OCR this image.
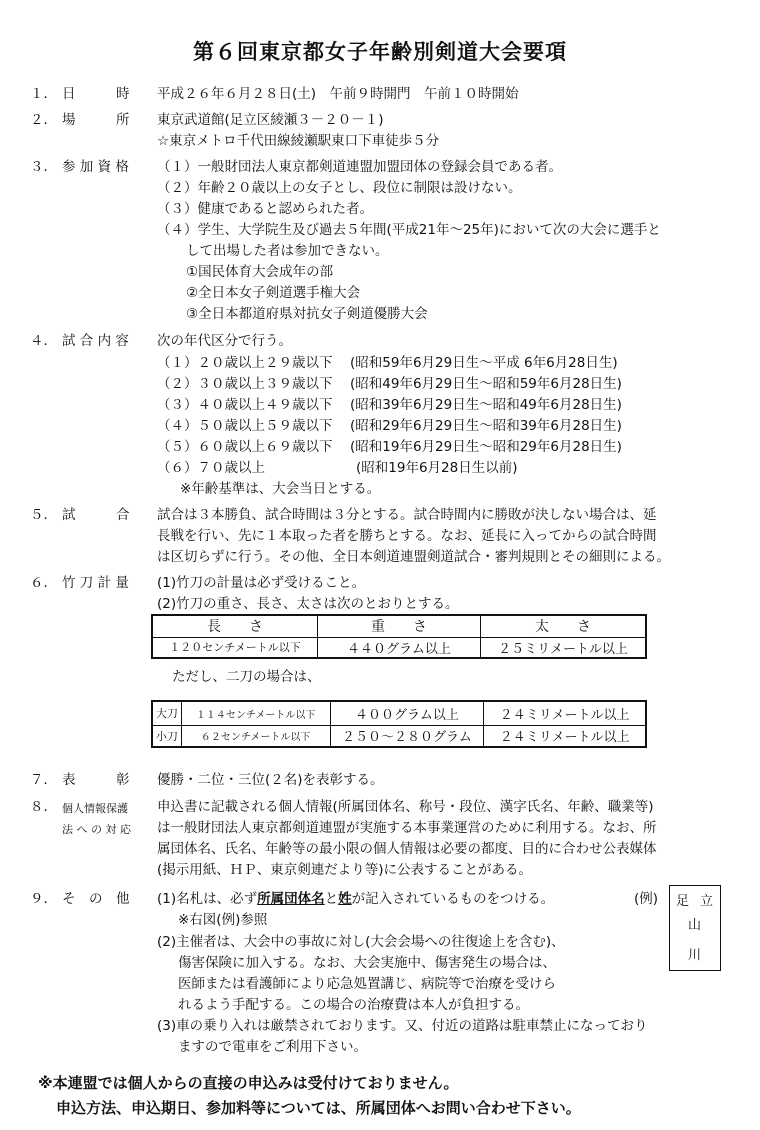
第６回東京都女子年齢別剣道大会要項
１． 日　　　時 平成２６年６月２８日(土)　午前９時開門　午前１０時開始
２． 場　　　所 東京武道館(足立区綾瀬３－２０－１)
☆東京メトロ千代田線綾瀬駅東口下車徒歩５分
３． 参 加 資 格 （１）一般財団法人東京都剣道連盟加盟団体の登録会員である者。
（２）年齢２０歳以上の女子とし、段位に制限は設けない。
（３）健康であると認められた者。
（４）学生、大学院生及び過去５年間(平成21年～25年)において次の大会に選手と
して出場した者は参加できない。
①国民体育大会成年の部
②全日本女子剣道選手権大会
③全日本都道府県対抗女子剣道優勝大会
４． 試 合 内 容 次の年代区分で行う。
（１）２０歳以上２９歳以下 (昭和59年6月29日生～平成 6年6月28日生)
（２）３０歳以上３９歳以下 (昭和49年6月29日生～昭和59年6月28日生)
（３）４０歳以上４９歳以下 (昭和39年6月29日生～昭和49年6月28日生)
（４）５０歳以上５９歳以下 (昭和29年6月29日生～昭和39年6月28日生)
（５）６０歳以上６９歳以下 (昭和19年6月29日生～昭和29年6月28日生)
（６）７０歳以上	(昭和19年6月28日生以前)
※年齢基準は、大会当日とする。
５． 試　　　合 試合は３本勝負、試合時間は３分とする。試合時間内に勝敗が決しない場合は、延
長戦を行い、先に１本取った者を勝ちとする。なお、延長に入ってからの試合時間
は区切らずに行う。その他、全日本剣道連盟剣道試合・審判規則とその細則による。
６． 竹 刀 計 量 (1)竹刀の計量は必ず受けること。
(2)竹刀の重さ、長さ、太さは次のとおりとする。
長　　さ	重　　さ	太　　さ
１２０センチメートル以下	４４０グラム以上	２５ミリメートル以上
ただし、二刀の場合は、
大刀	１１４センチメートル以下	４００グラム以上	２４ミリメートル以上
小刀	６２センチメートル以下	２５０～２８０グラム	２４ミリメートル以上
７． 表　　　彰 優勝・二位・三位(２名)を表彰する。
８． 個人情報保護
法 へ の 対 応
申込書に記載される個人情報(所属団体名、称号・段位、漢字氏名、年齢、職業等)
は一般財団法人東京都剣道連盟が実施する本事業運営のために利用する。なお、所
属団体名、氏名、年齢等の最小限の個人情報は必要の都度、目的に合わせ公表媒体
(掲示用紙、ＨＰ、東京剣連だより等)に公表することがある。
９． そ　の　他 (1)名札は、必ず所属団体名と姓が記入されているものをつける。
※右図(例)参照
(2)主催者は、大会中の事故に対し(大会会場への往復途上を含む)、
傷害保険に加入する。なお、大会実施中、傷害発生の場合は、
医師または看護師により応急処置講じ、病院等で治療を受けら
れるよう手配する。この場合の治療費は本人が負担する。
(3)車の乗り入れは厳禁されております。又、付近の道路は駐車禁止になっており
ますので電車をご利用下さい。
(例) 足 立
山
川
※本連盟では個人からの直接の申込みは受付けておりません。
申込方法、申込期日、参加料等については、所属団体へお問い合わせ下さい。
